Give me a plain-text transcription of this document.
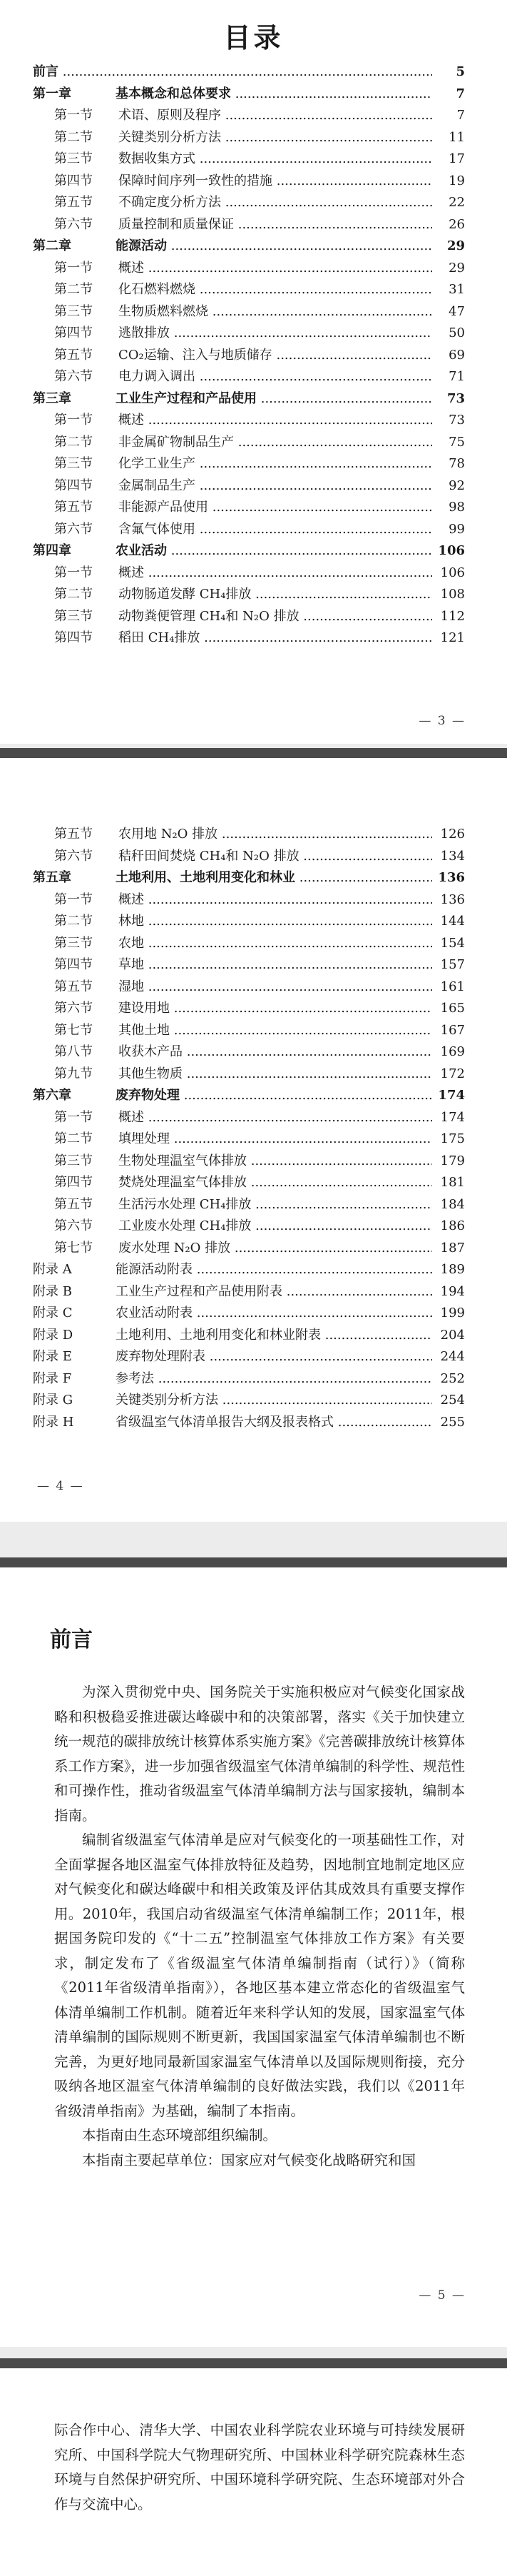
目录
前言 .....	5
第一章	基本概念和总体要求 .....	7
第一节	术语、原则及程序 .....	7
第二节	关键类别分析方法 .....	11
第三节	数据收集方式 .....	17
第四节	保障时间序列一致性的措施 .....	19
第五节	不确定度分析方法 .....	22
第六节	质量控制和质量保证 .....	26
第二章	能源活动 .....	29
第一节	概述 .....	29
第二节	化石燃料燃烧 .....	31
第三节	生物质燃料燃烧 .....	47
第四节	逃散排放 .....	50
第五节	CO₂运输、注入与地质储存 .....	69
第六节	电力调入调出 .....	71
第三章	工业生产过程和产品使用 .....	73
第一节	概述 .....	73
第二节	非金属矿物制品生产 .....	75
第三节	化学工业生产 .....	78
第四节	金属制品生产 .....	92
第五节	非能源产品使用 .....	98
第六节	含氟气体使用 .....	99
第四章	农业活动 .....	106
第一节	概述 .....	106
第二节	动物肠道发酵 CH₄排放 .....	108
第三节	动物粪便管理 CH₄和 N₂O 排放 .....	112
第四节	稻田 CH₄排放 .....	121
— 3 —
第五节	农用地 N₂O 排放 .....	126
第六节	秸秆田间焚烧 CH₄和 N₂O 排放 .....	134
第五章	土地利用、土地利用变化和林业 .....	136
第一节	概述 .....	136
第二节	林地 .....	144
第三节	农地 .....	154
第四节	草地 .....	157
第五节	湿地 .....	161
第六节	建设用地 .....	165
第七节	其他土地 .....	167
第八节	收获木产品 .....	169
第九节	其他生物质 .....	172
第六章	废弃物处理 .....	174
第一节	概述 .....	174
第二节	填埋处理 .....	175
第三节	生物处理温室气体排放 .....	179
第四节	焚烧处理温室气体排放 .....	181
第五节	生活污水处理 CH₄排放 .....	184
第六节	工业废水处理 CH₄排放 .....	186
第七节	废水处理 N₂O 排放 .....	187
附录 A	能源活动附表 .....	189
附录 B	工业生产过程和产品使用附表 .....	194
附录 C	农业活动附表 .....	199
附录 D	土地利用、土地利用变化和林业附表 .....	204
附录 E	废弃物处理附表 .....	244
附录 F	参考法 .....	252
附录 G	关键类别分析方法 .....	254
附录 H	省级温室气体清单报告大纲及报表格式 .....	255
— 4 —
前言

为深入贯彻党中央、国务院关于实施积极应对气候变化国家战略和积极稳妥推进碳达峰碳中和的决策部署，落实《关于加快建立统一规范的碳排放统计核算体系实施方案》《完善碳排放统计核算体系工作方案》，进一步加强省级温室气体清单编制的科学性、规范性和可操作性，推动省级温室气体清单编制方法与国家接轨，编制本指南。

编制省级温室气体清单是应对气候变化的一项基础性工作，对全面掌握各地区温室气体排放特征及趋势，因地制宜地制定地区应对气候变化和碳达峰碳中和相关政策及评估其成效具有重要支撑作用。2010年，我国启动省级温室气体清单编制工作；2011年，根据国务院印发的《“十二五”控制温室气体排放工作方案》有关要求，制定发布了《省级温室气体清单编制指南（试行）》（简称《2011年省级清单指南》），各地区基本建立常态化的省级温室气体清单编制工作机制。随着近年来科学认知的发展，国家温室气体清单编制的国际规则不断更新，我国国家温室气体清单编制也不断完善，为更好地同最新国家温室气体清单以及国际规则衔接，充分吸纳各地区温室气体清单编制的良好做法实践，我们以《2011年省级清单指南》为基础，编制了本指南。

本指南由生态环境部组织编制。

本指南主要起草单位：国家应对气候变化战略研究和国

— 5 —

际合作中心、清华大学、中国农业科学院农业环境与可持续发展研究所、中国科学院大气物理研究所、中国林业科学研究院森林生态环境与自然保护研究所、中国环境科学研究院、生态环境部对外合作与交流中心。
